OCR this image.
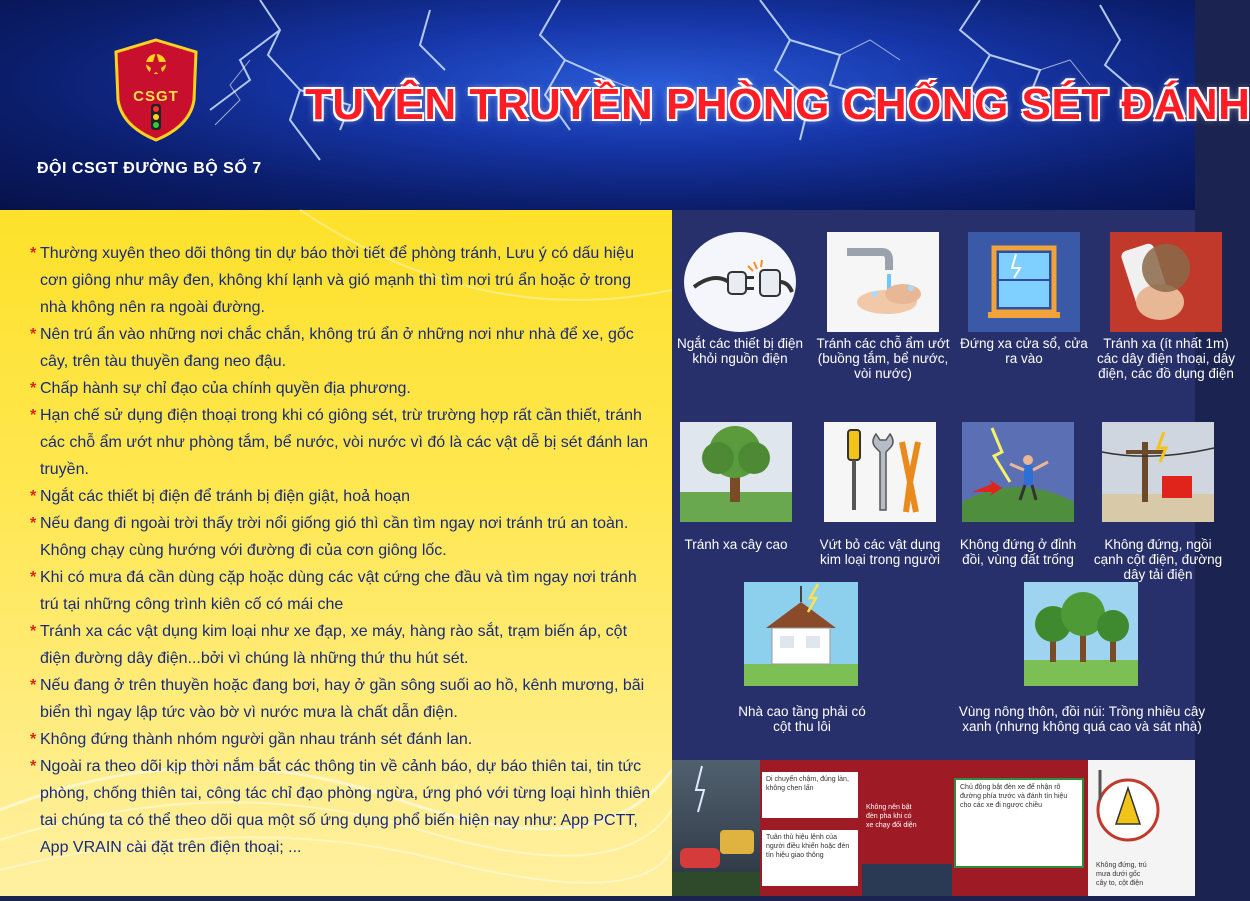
CSGT	TUYÊN TRUYỀN PHÒNG CHỐNG SÉT ĐÁNH
ĐỘI CSGT ĐƯỜNG BỘ SỐ 7
* Thường xuyên theo dõi thông tin dự báo thời tiết để phòng tránh, Lưu ý có dấu hiệu cơn giông như mây đen, không khí lạnh và gió mạnh thì tìm nơi trú ẩn hoặc ở trong nhà không nên ra ngoài đường.
* Nên trú ẩn vào những nơi chắc chắn, không trú ẩn ở những nơi như nhà để xe, gốc cây, trên tàu thuyền đang neo đậu.
* Chấp hành sự chỉ đạo của chính quyền địa phương.
* Hạn chế sử dụng điện thoại trong khi có giông sét, trừ trường hợp rất cần thiết, tránh các chỗ ẩm ướt như phòng tắm, bể nước, vòi nước vì đó là các vật dễ bị sét đánh lan truyền.
* Ngắt các thiết bị điện để tránh bị điện giật, hoả hoạn
* Nếu đang đi ngoài trời thấy trời nổi giống gió thì cần tìm ngay nơi tránh trú an toàn. Không chạy cùng hướng với đường đi của cơn giông lốc.
* Khi có mưa đá cần dùng cặp hoặc dùng các vật cứng che đầu và tìm ngay nơi tránh trú tại những công trình kiên cố có mái che
* Tránh xa các vật dụng kim loại như xe đạp, xe máy, hàng rào sắt, trạm biến áp, cột điện đường dây điện...bởi vì chúng là những thứ thu hút sét.
* Nếu đang ở trên thuyền hoặc đang bơi, hay ở gần sông suối ao hồ, kênh mương, bãi biển thì ngay lập tức vào bờ vì nước mưa là chất dẫn điện.
* Không đứng thành nhóm người gần nhau tránh sét đánh lan.
* Ngoài ra theo dõi kịp thời nắm bắt các thông tin về cảnh báo, dự báo thiên tai, tin tức phòng, chống thiên tai, công tác chỉ đạo phòng ngừa, ứng phó với từng loại hình thiên tai chúng ta có thể theo dõi qua một số ứng dụng phổ biến hiện nay như: App PCTT, App VRAIN cài đặt trên điện thoại; ...
Ngắt các thiết bị điện khỏi nguồn điện
Tránh các chỗ ẩm ướt (buồng tắm, bể nước, vòi nước)
Đứng xa cửa sổ, cửa ra vào
Tránh xa (ít nhất 1m) các dây điện thoại, dây điện, các đồ dụng điện
Tránh xa cây cao	Vứt bỏ các vật dụng kim loại trong người
Không đứng ở đỉnh đồi, vùng đất trống
Không đứng, ngồi cạnh cột điện, đường dây tải điện
Nhà cao tầng phải có cột thu lôi
Vùng nông thôn, đồi núi: Trồng nhiều cây xanh (nhưng không quá cao và sát nhà)
Di chuyển chậm, đúng làn, không chen lấn
Tuân thủ hiệu lệnh của người điều khiển hoặc đèn tín hiệu giao thông
Không nên bật đèn pha khi có xe chạy đối diện
Chủ động bật đèn xe để nhận rõ đường phía trước và đánh tín hiệu cho các xe đi ngược chiều
Không đứng, trú mưa dưới gốc cây to, cột điện
